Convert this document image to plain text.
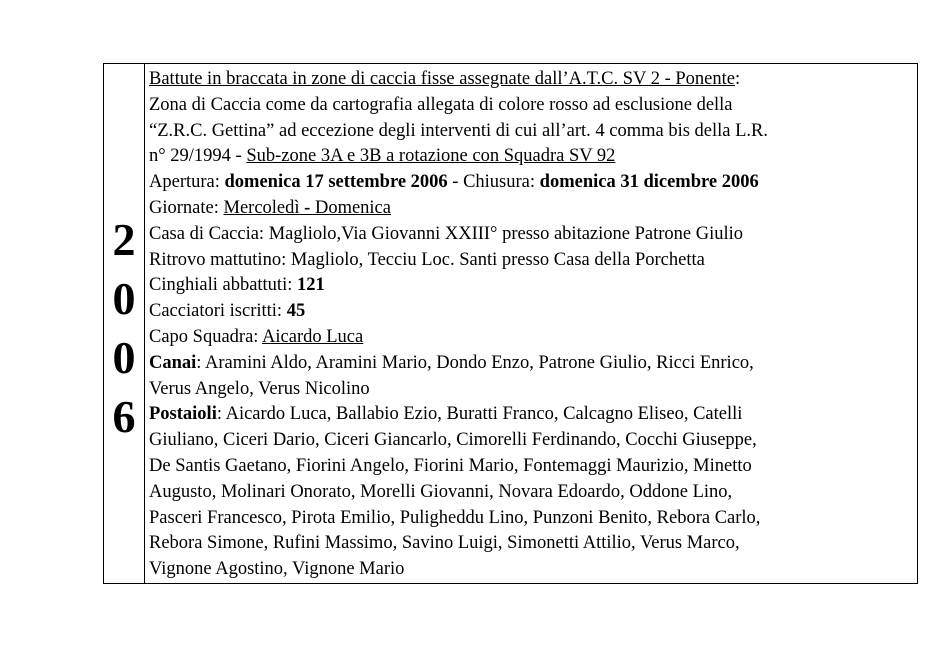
2
0
0
6

Battute in braccata in zone di caccia fisse assegnate dall’A.T.C. SV 2 - Ponente:
Zona di Caccia come da cartografia allegata di colore rosso ad esclusione della
“Z.R.C. Gettina” ad eccezione degli interventi di cui all’art. 4 comma bis della L.R.
n° 29/1994 - Sub-zone 3A e 3B a rotazione con Squadra SV 92
Apertura: domenica 17 settembre 2006 - Chiusura: domenica 31 dicembre 2006
Giornate: Mercoledì - Domenica
Casa di Caccia: Magliolo,Via Giovanni XXIII° presso abitazione Patrone Giulio
Ritrovo mattutino: Magliolo, Tecciu Loc. Santi presso Casa della Porchetta
Cinghiali abbattuti: 121
Cacciatori iscritti: 45
Capo Squadra: Aicardo Luca
Canai: Aramini Aldo, Aramini Mario, Dondo Enzo, Patrone Giulio, Ricci Enrico,
Verus Angelo, Verus Nicolino
Postaioli: Aicardo Luca, Ballabio Ezio, Buratti Franco, Calcagno Eliseo, Catelli
Giuliano, Ciceri Dario, Ciceri Giancarlo, Cimorelli Ferdinando, Cocchi Giuseppe,
De Santis Gaetano, Fiorini Angelo, Fiorini Mario, Fontemaggi Maurizio, Minetto
Augusto, Molinari Onorato, Morelli Giovanni, Novara Edoardo, Oddone Lino,
Pasceri Francesco, Pirota Emilio, Puligheddu Lino, Punzoni Benito, Rebora Carlo,
Rebora Simone, Rufini Massimo, Savino Luigi, Simonetti Attilio, Verus Marco,
Vignone Agostino, Vignone Mario
